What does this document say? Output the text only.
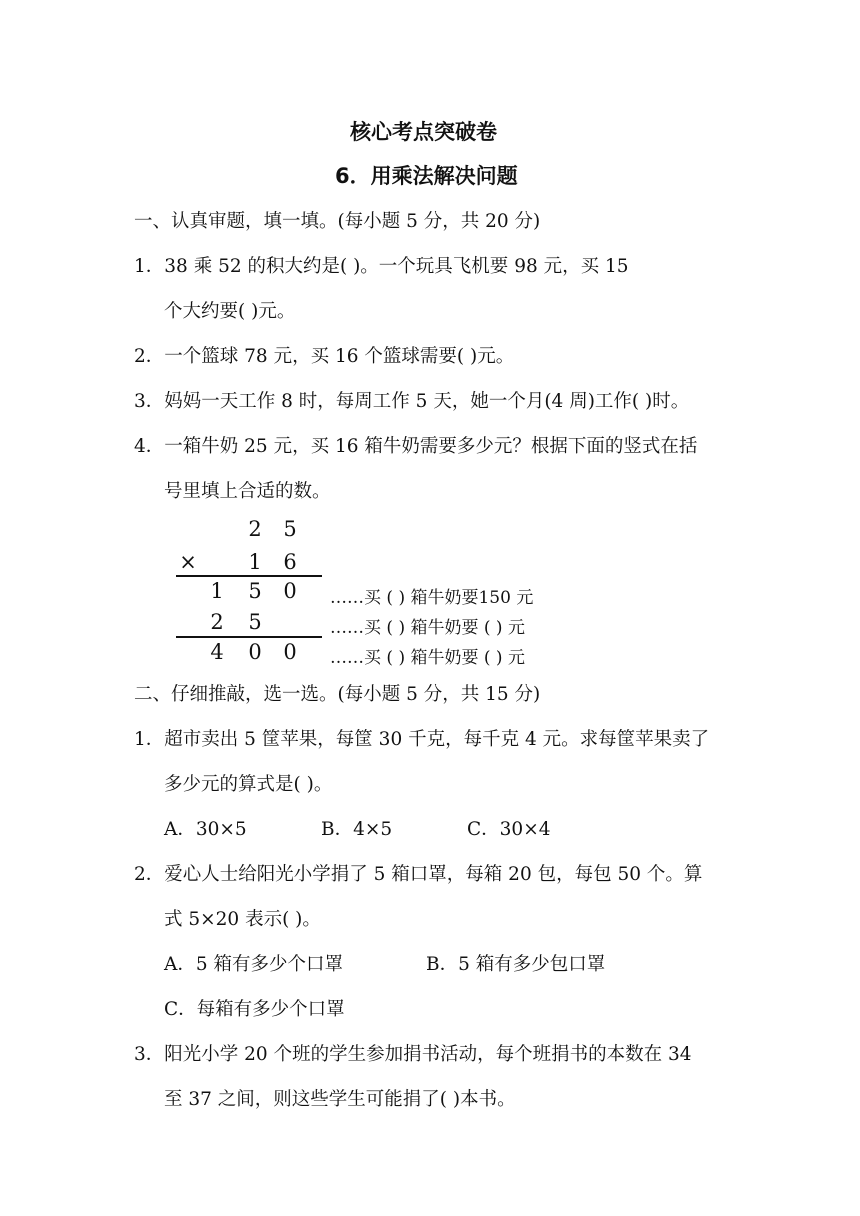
核心考点突破卷
6．用乘法解决问题
一、认真审题，填一填。(每小题 5 分，共 20 分)
1．38 乘 52 的积大约是( )。一个玩具飞机要 98 元，买 15
个大约要( )元。
2．一个篮球 78 元，买 16 个篮球需要( )元。
3．妈妈一天工作 8 时，每周工作 5 天，她一个月(4 周)工作( )时。
4．一箱牛奶 25 元，买 16 箱牛奶需要多少元？根据下面的竖式在括
号里填上合适的数。
2 5
× 1 6
1 5 0
2 5
4 0 0
……买 ( ) 箱牛奶要150 元
……买 ( ) 箱牛奶要 ( ) 元
……买 ( ) 箱牛奶要 ( ) 元
二、仔细推敲，选一选。(每小题 5 分，共 15 分)
1．超市卖出 5 筐苹果，每筐 30 千克，每千克 4 元。求每筐苹果卖了
多少元的算式是( )。
A．30×5	B．4×5	C．30×4
2．爱心人士给阳光小学捐了 5 箱口罩，每箱 20 包，每包 50 个。算
式 5×20 表示( )。
A．5 箱有多少个口罩	B．5 箱有多少包口罩
C．每箱有多少个口罩
3．阳光小学 20 个班的学生参加捐书活动，每个班捐书的本数在 34
至 37 之间，则这些学生可能捐了( )本书。
